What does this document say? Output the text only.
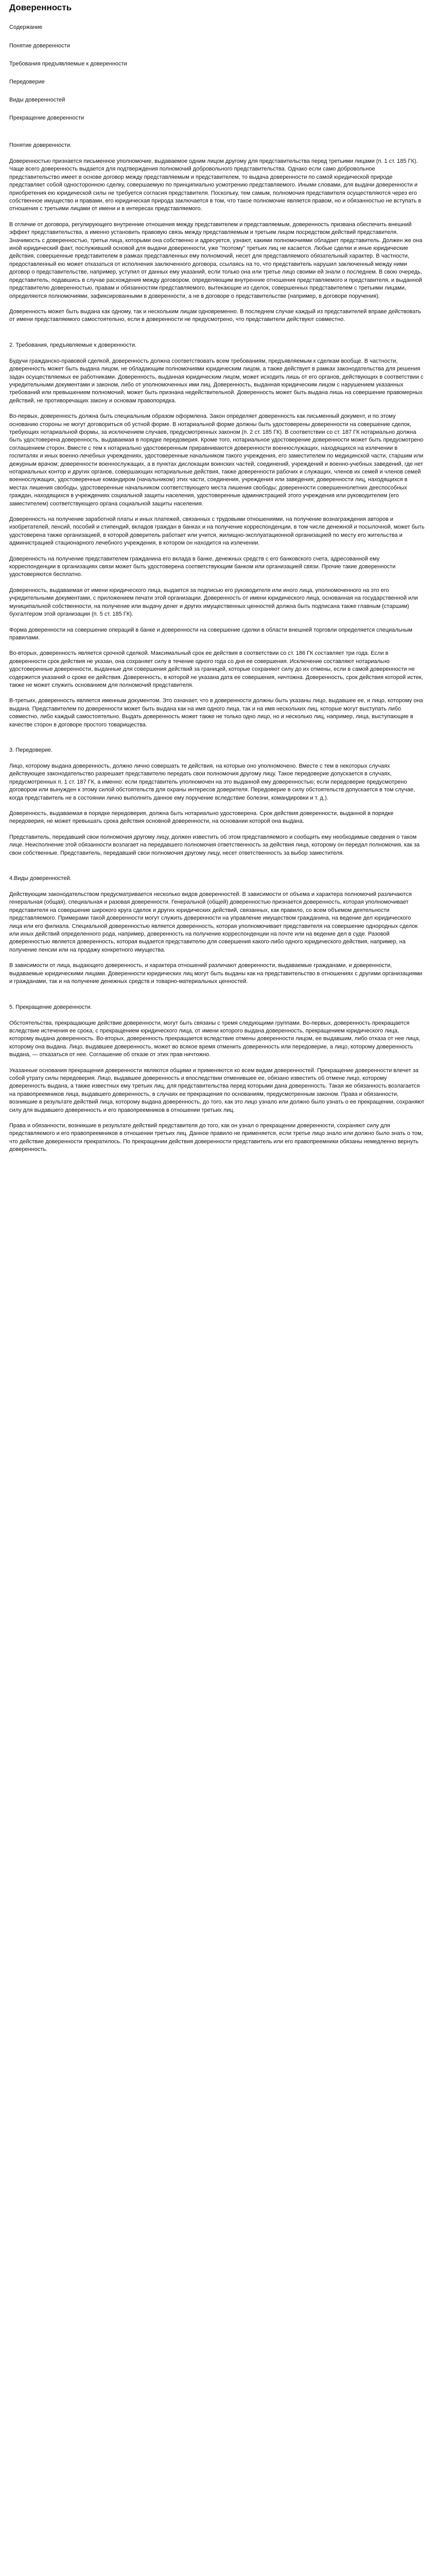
Доверенность
Содержание
Понятие доверенности
Требования предъявляемые к доверенности
Передоверие
Виды доверенностей
Прекращение доверенности
Понятие доверенности.

Доверенностью признается письменное уполномочие, выдаваемое одним лицом другому для представительства перед третьими лицами (п. 1 ст. 185 ГК). Чаще всего доверенность выдается для подтверждения полномочий добровольного представительства. Однако если само добровольное представительство имеет в основе договор между представляемым и представителем, то выдача доверенности по самой юридической природе представляет собой односторонною сделку, совершаемую по принципиально усмотрению представляемого. Иными словами, для выдачи доверенности и приобретения ею юридической силы не требуется согласия представителя. Поскольку, тем самым, полномочия представителя осуществляются через его собственное имущество и правами, его юридическая природа заключается в том, что такое полномочие является правом, но и обязанностью не вступать в отношения с третьими лицами от имени и в интересах представляемого.

В отличие от договора, регулирующего внутренние отношения между представителем и представляемым, доверенность призвана обеспечить внешний эффект представительства, а именно установить правовую связь между представляемым и третьим лицом посредством действий представителя. Значимость с доверенностью, третьи лица, которыми она собственно и адресуется, узнают, какими полномочиями обладает представитель. Должен же она иной юридический факт, послуживший основой для выдачи доверенности, уже "поэтому" третьих лиц не касается. Любые сделки и иные юридические действия, совершенные представителем в рамках представленных ему полномочий, несет для представляемого обязательный характер. В частности, предоставленный ею может отказаться от исполнения заключенного договора, ссылаясь на то, что представитель нарушил заключенный между ними договор о представительстве, например, уступил от данных ему указаний, если только она или третье лицо своими ей знали о последнем. В свою очередь, представитель, подавшись в случае расхождения между договором, определяющим внутренние отношения представляемого и представителя, и выданной представителю доверенностью, правам и обязанностям представляемого, вытекающие из сделок, совершенных представителем с третьими лицами, определяются полномочиями, зафиксированными в доверенности, а не в договоре о представительстве (например, в договоре поручения).

Доверенность может быть выдана как одному, так и нескольким лицам одновременно. В последнем случае каждый из представителей вправе действовать от имени представляемого самостоятельно, если в доверенности не предусмотрено, что представители действуют совместно.

2. Требования, предъявляемые к доверенности.

Будучи гражданско-правовой сделкой, доверенность должна соответствовать всем требованиям, предъявляемым к сделкам вообще. В частности, доверенность может быть выдана лицом, не обладающим полномочиями юридическим лицом, а также действует в рамках законодательства для решения задач осуществляемых ее работниками. Доверенность, выданная юридическим лицом, может исходить лишь от его органов, действующих в соответствии с учредительными документами и законом, либо от уполномоченных ими лиц. Доверенность, выданная юридическим лицом с нарушением указанных требований или превышением полномочий, может быть признана недействительной. Доверенность может быть выдана лишь на совершение правомерных действий, не противоречащих закону и основам правопорядка.

Во-первых, доверенность должна быть специальным образом оформлена. Закон определяет доверенность как письменный документ, и по этому основанию стороны не могут договориться об устной форме. В нотариальной форме должны быть удостоверены доверенности на совершение сделок, требующих нотариальной формы, за исключением случаев, предусмотренных законом (п. 2 ст. 185 ГК). В соответствии со ст. 187 ГК нотариально должна быть удостоверена доверенность, выдаваемая в порядке передоверия. Кроме того, нотариальное удостоверение доверенности может быть предусмотрено соглашением сторон. Вместе с тем к нотариально удостоверенным приравниваются доверенности военнослужащих, находящихся на излечении в госпиталях и иных военно-лечебных учреждениях, удостоверенные начальником такого учреждения, его заместителем по медицинской части, старшим или дежурным врачом; доверенности военнослужащих, а в пунктах дислокации воинских частей, соединений, учреждений и военно-учебных заведений, где нет нотариальных контор и других органов, совершающих нотариальные действия, также доверенности рабочих и служащих, членов их семей и членов семей военнослужащих, удостоверенные командиром (начальником) этих части, соединения, учреждения или заведения; доверенности лиц, находящихся в местах лишения свободы, удостоверенные начальником соответствующего места лишения свободы; доверенности совершеннолетних дееспособных граждан, находящихся в учреждениях социальной защиты населения, удостоверенные администрацией этого учреждения или руководителем (его заместителем) соответствующего органа социальной защиты населения.

Доверенность на получение заработной платы и иных платежей, связанных с трудовыми отношениями, на получение вознаграждения авторов и изобретателей, пенсий, пособий и стипендий, вкладов граждан в банках и на получение корреспонденции, в том числе денежной и посылочной, может быть удостоверена также организацией, в которой доверитель работает или учится, жилищно-эксплуатационной организацией по месту его жительства и администрацией стационарного лечебного учреждения, в котором он находится на излечении.

Доверенность на получение представителем гражданина его вклада в банке, денежных средств с его банковского счета, адресованной ему корреспонденции в организациях связи может быть удостоверена соответствующим банком или организацией связи. Прочие такие доверенности удостоверяются бесплатно.

Доверенность, выдаваемая от имени юридического лица, выдается за подписью его руководителя или иного лица, уполномоченного на это его учредительными документами, с приложением печати этой организации. Доверенность от имени юридического лица, основанная на государственной или муниципальной собственности, на получение или выдачу денег и других имущественных ценностей должна быть подписана также главным (старшим) бухгалтером этой организации (п. 5 ст. 185 ГК).

Форма доверенности на совершение операций в банке и доверенности на совершение сделки в области внешней торговли определяется специальным правилами.

Во-вторых, доверенность является срочной сделкой. Максимальный срок ее действия в соответствии со ст. 186 ГК составляет три года. Если в доверенности срок действия не указан, она сохраняет силу в течение одного года со дня ее совершения. Исключение составляют нотариально удостоверенные доверенности, выданные для совершения действий за границей, которые сохраняют силу до их отмены, если в самой доверенности не содержится указаний о сроке ее действия. Доверенность, в которой не указана дата ее совершения, ничтожна. Доверенность, срок действия которой истек, также не может служить основанием для полномочий представителя.

В-третьих, доверенность является именным документом. Это означает, что в доверенности должны быть указаны лицо, выдавшее ее, и лицо, которому она выдана. Представителем по доверенности может быть выдана как на имя одного лица, так и на имя нескольких лиц, которые могут выступать либо совместно, либо каждый самостоятельно. Выдать доверенность может также не только одно лицо, но и несколько лиц, например, лица, выступающие в качестве сторон в договоре простого товарищества.

3. Передоверие.

Лицо, которому выдана доверенность, должно лично совершать те действия, на которые оно уполномочено. Вместе с тем в некоторых случаях действующее законодательство разрешает представителю передать свои полномочия другому лицу. Такое передоверие допускается в случаях, предусмотренных п. 1 ст. 187 ГК, а именно: если представитель уполномочен на это выданной ему доверенностью; если передоверие предусмотрено договором или вынужден к этому силой обстоятельств для охраны интересов доверителя. Передоверие в силу обстоятельств допускается в том случае, когда представитель не в состоянии лично выполнить данное ему поручение вследствие болезни, командировки и т. д.).

Доверенность, выдаваемая в порядке передоверия, должна быть нотариально удостоверена. Срок действия доверенности, выданной в порядке передоверия, не может превышать срока действия основной доверенности, на основании которой она выдана.

Представитель, передавший свои полномочия другому лицу, должен известить об этом представляемого и сообщить ему необходимые сведения о таком лице. Неисполнение этой обязанности возлагает на передавшего полномочия ответственность за действия лица, которому он передал полномочия, как за свои собственные. Представитель, передавший свои полномочия другому лицу, несет ответственность за выбор заместителя.

4.Виды доверенностей.

Действующим законодательством предусматривается несколько видов доверенностей. В зависимости от объема и характера полномочий различаются генеральная (общая), специальная и разовая доверенности. Генеральной (общей) доверенностью признается доверенность, которая уполномочивает представителя на совершение широкого круга сделок и других юридических действий, связанных, как правило, со всем объемом деятельности представляемого. Примерами такой доверенности могут служить доверенности на управление имуществом гражданина, на ведение дел юридического лица или его филиала. Специальной доверенностью является доверенность, которая уполномочивает представителя на совершение однородных сделок или иных действий определенного рода, например, доверенность на получение корреспонденции на почте или на ведение дел в суде. Разовой доверенностью является доверенность, которая выдается представителю для совершения какого-либо одного юридического действия, например, на получение пенсии или на продажу конкретного имущества.

В зависимости от лица, выдающего доверенность, и характера отношений различают доверенности, выдаваемые гражданами, и доверенности, выдаваемые юридическими лицами. Доверенности юридических лиц могут быть выданы как на представительство в отношениях с другими организациями и гражданами, так и на получение денежных средств и товарно-материальных ценностей.

5. Прекращение доверенности.

Обстоятельства, прекращающие действие доверенности, могут быть связаны с тремя следующими группами. Во-первых, доверенность прекращается вследствие истечения ее срока, с прекращением юридического лица, от имени которого выдана доверенность, прекращением юридического лица, которому выдана доверенность. Во-вторых, доверенность прекращается вследствие отмены доверенности лицом, ее выдавшим, либо отказа от нее лица, которому она выдана. Лицо, выдавшее доверенность, может во всякое время отменить доверенность или передоверие, а лицо, которому доверенность выдана, — отказаться от нее. Соглашение об отказе от этих прав ничтожно.

Указанные основания прекращения доверенности являются общими и применяются ко всем видам доверенностей. Прекращение доверенности влечет за собой утрату силы передоверия. Лицо, выдавшее доверенность и впоследствии отменившее ее, обязано известить об отмене лицо, которому доверенность выдана, а также известных ему третьих лиц, для представительства перед которыми дана доверенность. Такая же обязанность возлагается на правопреемников лица, выдавшего доверенность, в случаях ее прекращения по основаниям, предусмотренным законом. Права и обязанности, возникшие в результате действий лица, которому выдана доверенность, до того, как это лицо узнало или должно было узнать о ее прекращении, сохраняют силу для выдавшего доверенность и его правопреемников в отношении третьих лиц.

Права и обязанности, возникшие в результате действий представителя до того, как он узнал о прекращении доверенности, сохраняют силу для представляемого и его правопреемников в отношении третьих лиц. Данное правило не применяется, если третье лицо знало или должно было знать о том, что действие доверенности прекратилось. По прекращении действия доверенности представитель или его правопреемники обязаны немедленно вернуть доверенность.
